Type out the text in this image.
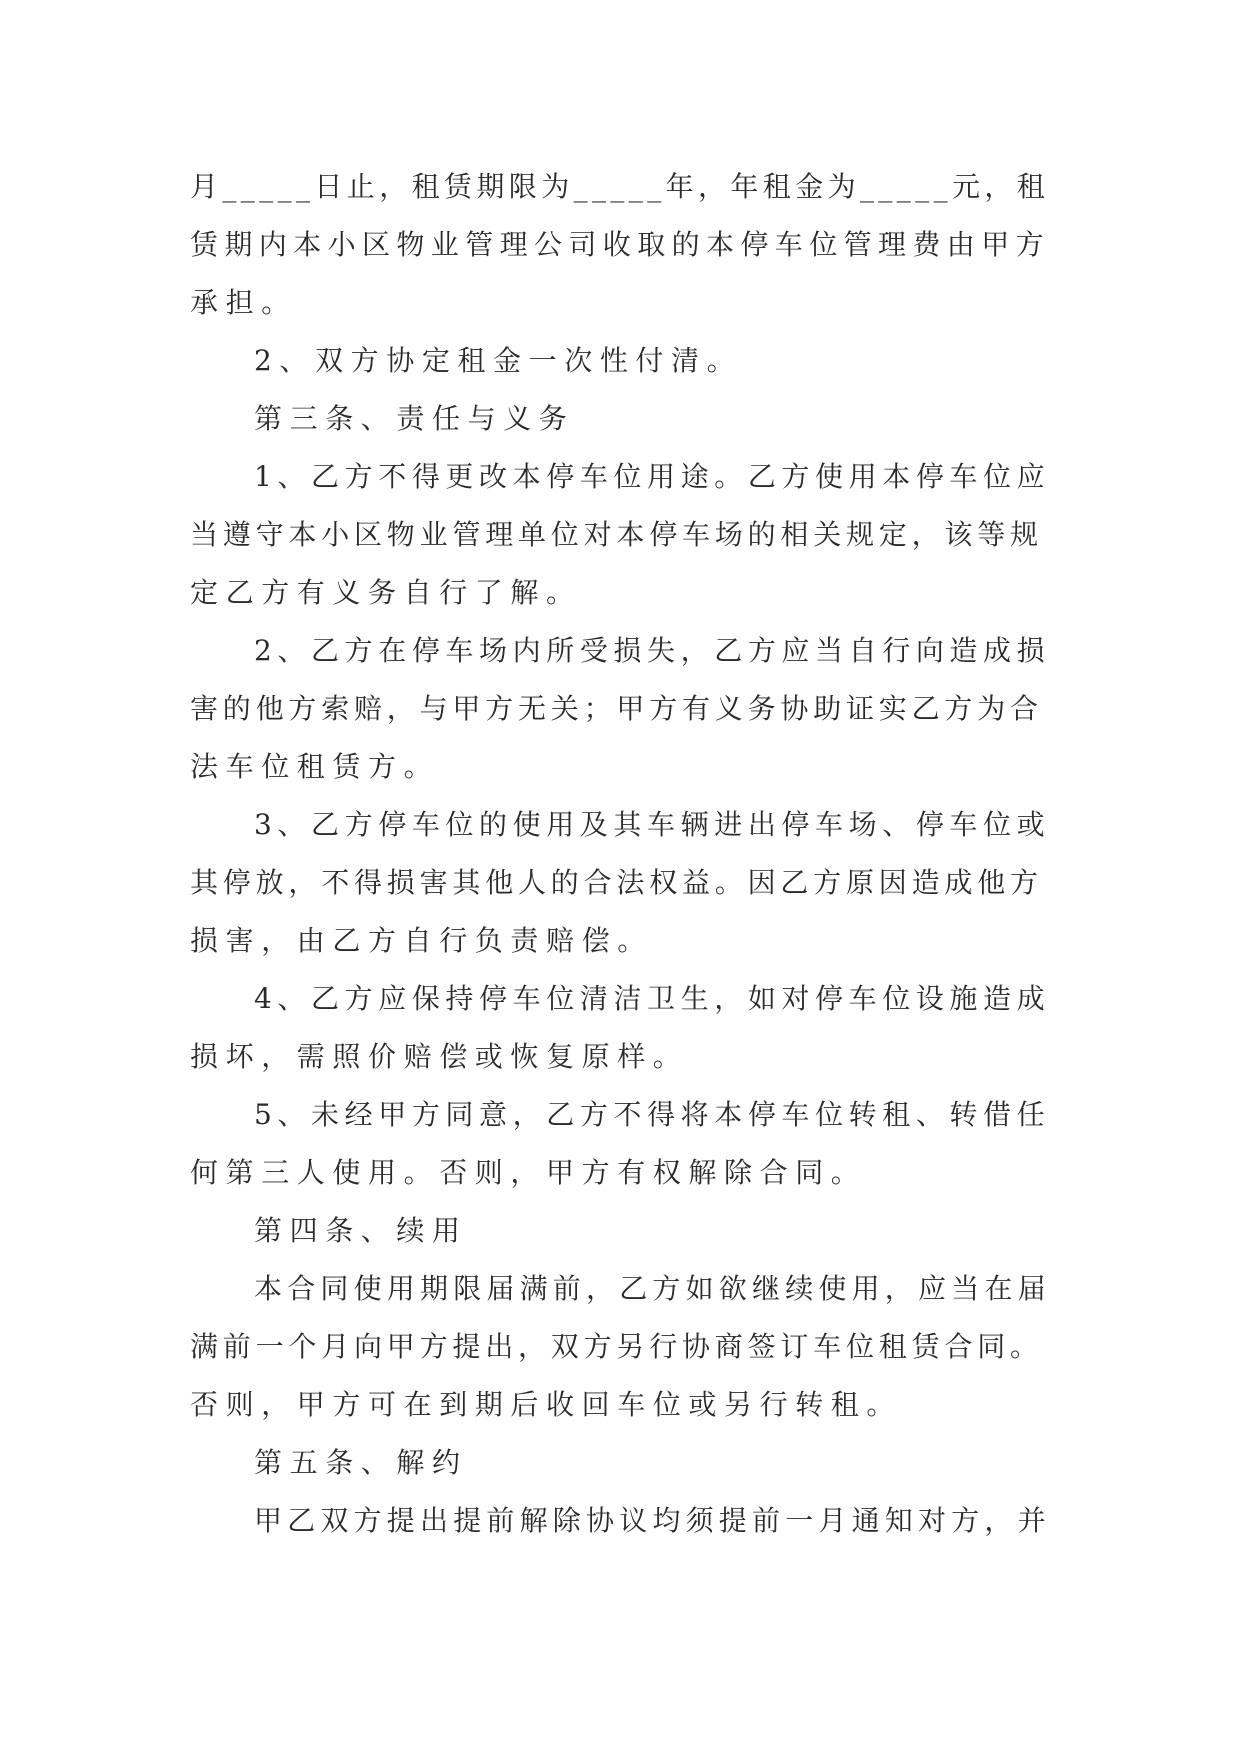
月_____日止，租赁期限为_____年，年租金为_____元，租
赁期内本小区物业管理公司收取的本停车位管理费由甲方
承担。
2、双方协定租金一次性付清。
第三条、责任与义务
1、乙方不得更改本停车位用途。乙方使用本停车位应
当遵守本小区物业管理单位对本停车场的相关规定，该等规
定乙方有义务自行了解。
2、乙方在停车场内所受损失，乙方应当自行向造成损
害的他方索赔，与甲方无关；甲方有义务协助证实乙方为合
法车位租赁方。
3、乙方停车位的使用及其车辆进出停车场、停车位或
其停放，不得损害其他人的合法权益。因乙方原因造成他方
损害，由乙方自行负责赔偿。
4、乙方应保持停车位清洁卫生，如对停车位设施造成
损坏，需照价赔偿或恢复原样。
5、未经甲方同意，乙方不得将本停车位转租、转借任
何第三人使用。否则，甲方有权解除合同。
第四条、续用
本合同使用期限届满前，乙方如欲继续使用，应当在届
满前一个月向甲方提出，双方另行协商签订车位租赁合同。
否则，甲方可在到期后收回车位或另行转租。
第五条、解约
甲乙双方提出提前解除协议均须提前一月通知对方，并
